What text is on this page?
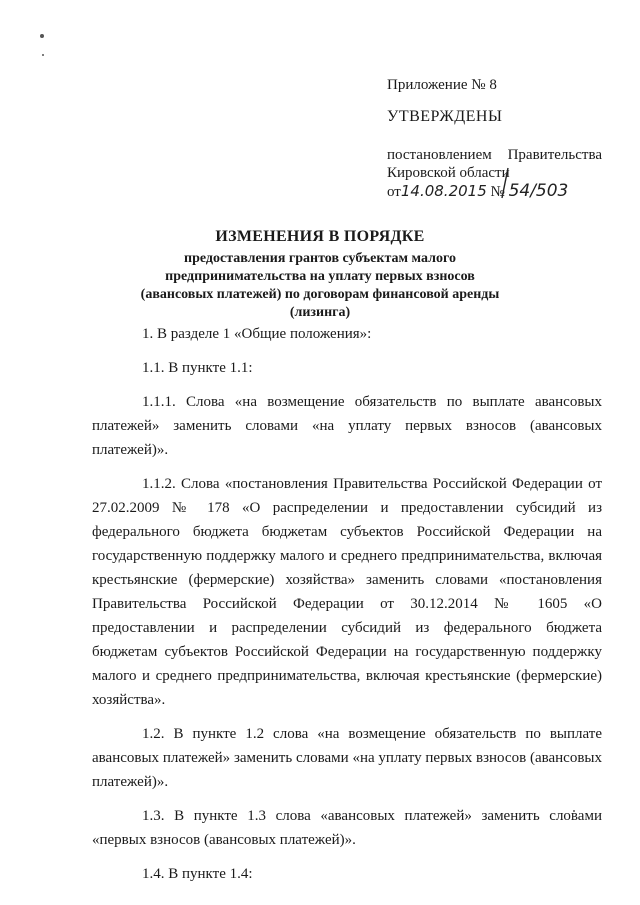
Приложение № 8
УТВЕРЖДЕНЫ
постановлением Правительства
Кировской области
от14.08.2015 № 54/503
ИЗМЕНЕНИЯ В ПОРЯДКЕ
предоставления грантов субъектам малого предпринимательства на уплату первых взносов (авансовых платежей) по договорам финансовой аренды (лизинга)

1. В разделе 1 «Общие положения»:

1.1. В пункте 1.1:

1.1.1. Слова «на возмещение обязательств по выплате авансовых платежей» заменить словами «на уплату первых взносов (авансовых платежей)».

1.1.2. Слова «постановления Правительства Российской Федерации от 27.02.2009 № 178 «О распределении и предоставлении субсидий из федерального бюджета бюджетам субъектов Российской Федерации на государственную поддержку малого и среднего предпринимательства, включая крестьянские (фермерские) хозяйства» заменить словами «постановления Правительства Российской Федерации от 30.12.2014 № 1605 «О предоставлении и распределении субсидий из федерального бюджета бюджетам субъектов Российской Федерации на государственную поддержку малого и среднего предпринимательства, включая крестьянские (фермерские) хозяйства».

1.2. В пункте 1.2 слова «на возмещение обязательств по выплате авансовых платежей» заменить словами «на уплату первых взносов (авансовых платежей)».

1.3. В пункте 1.3 слова «авансовых платежей» заменить словами «первых взносов (авансовых платежей)».

1.4. В пункте 1.4:
